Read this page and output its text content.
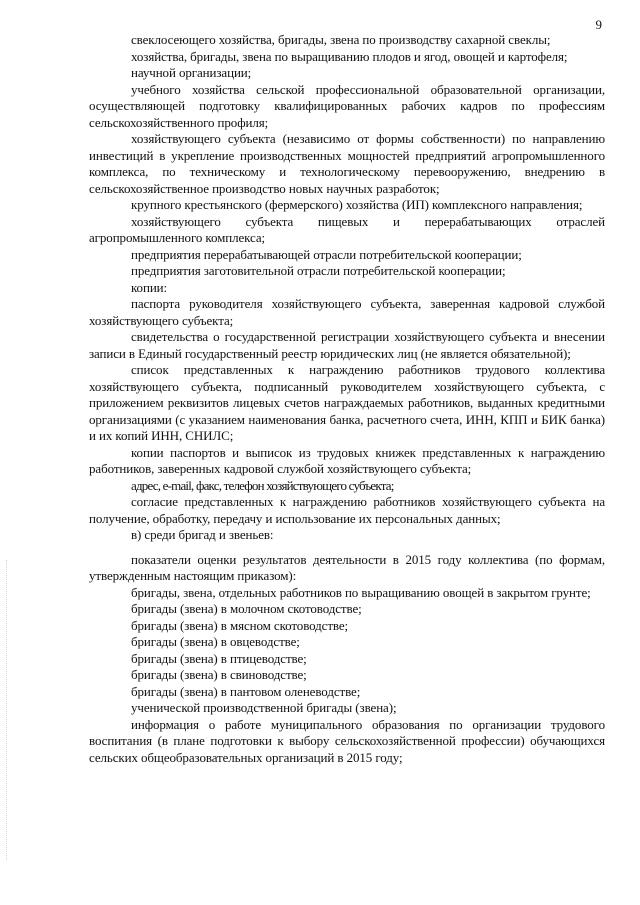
9

свеклосеющего хозяйства, бригады, звена по производству сахарной свеклы;

хозяйства, бригады, звена по выращиванию плодов и ягод, овощей и картофеля;

научной организации;

учебного хозяйства сельской профессиональной образовательной организации, осуществляющей подготовку квалифицированных рабочих кадров по профессиям сельскохозяйственного профиля;

хозяйствующего субъекта (независимо от формы собственности) по направлению инвестиций в укрепление производственных мощностей предприятий агропромышленного комплекса, по техническому и технологическому перевооружению, внедрению в сельскохозяйственное производство новых научных разработок;

крупного крестьянского (фермерского) хозяйства (ИП) комплексного направления;

хозяйствующего субъекта пищевых и перерабатывающих отраслей агропромышленного комплекса;

предприятия перерабатывающей отрасли потребительской кооперации;

предприятия заготовительной отрасли потребительской кооперации;

копии:

паспорта руководителя хозяйствующего субъекта, заверенная кадровой службой хозяйствующего субъекта;

свидетельства о государственной регистрации хозяйствующего субъекта и внесении записи в Единый государственный реестр юридических лиц (не является обязательной);

список представленных к награждению работников трудового коллектива хозяйствующего субъекта, подписанный руководителем хозяйствующего субъекта, с приложением реквизитов лицевых счетов награждаемых работников, выданных кредитными организациями (с указанием наименования банка, расчетного счета, ИНН, КПП и БИК банка) и их копий ИНН, СНИЛС;

копии паспортов и выписок из трудовых книжек представленных к награждению работников, заверенных кадровой службой хозяйствующего субъекта;

адрес, e-mail, факс, телефон хозяйствующего субъекта;

согласие представленных к награждению работников хозяйствующего субъекта на получение, обработку, передачу и использование их персональных данных;

в) среди бригад и звеньев:

показатели оценки результатов деятельности в 2015 году коллектива (по формам, утвержденным настоящим приказом):

бригады, звена, отдельных работников по выращиванию овощей в закрытом грунте;

бригады (звена) в молочном скотоводстве;

бригады (звена) в мясном скотоводстве;

бригады (звена) в овцеводстве;

бригады (звена) в птицеводстве;

бригады (звена) в свиноводстве;

бригады (звена) в пантовом оленеводстве;

ученической производственной бригады (звена);

информация о работе муниципального образования по организации трудового воспитания (в плане подготовки к выбору сельскохозяйственной профессии) обучающихся сельских общеобразовательных организаций в 2015 году;
